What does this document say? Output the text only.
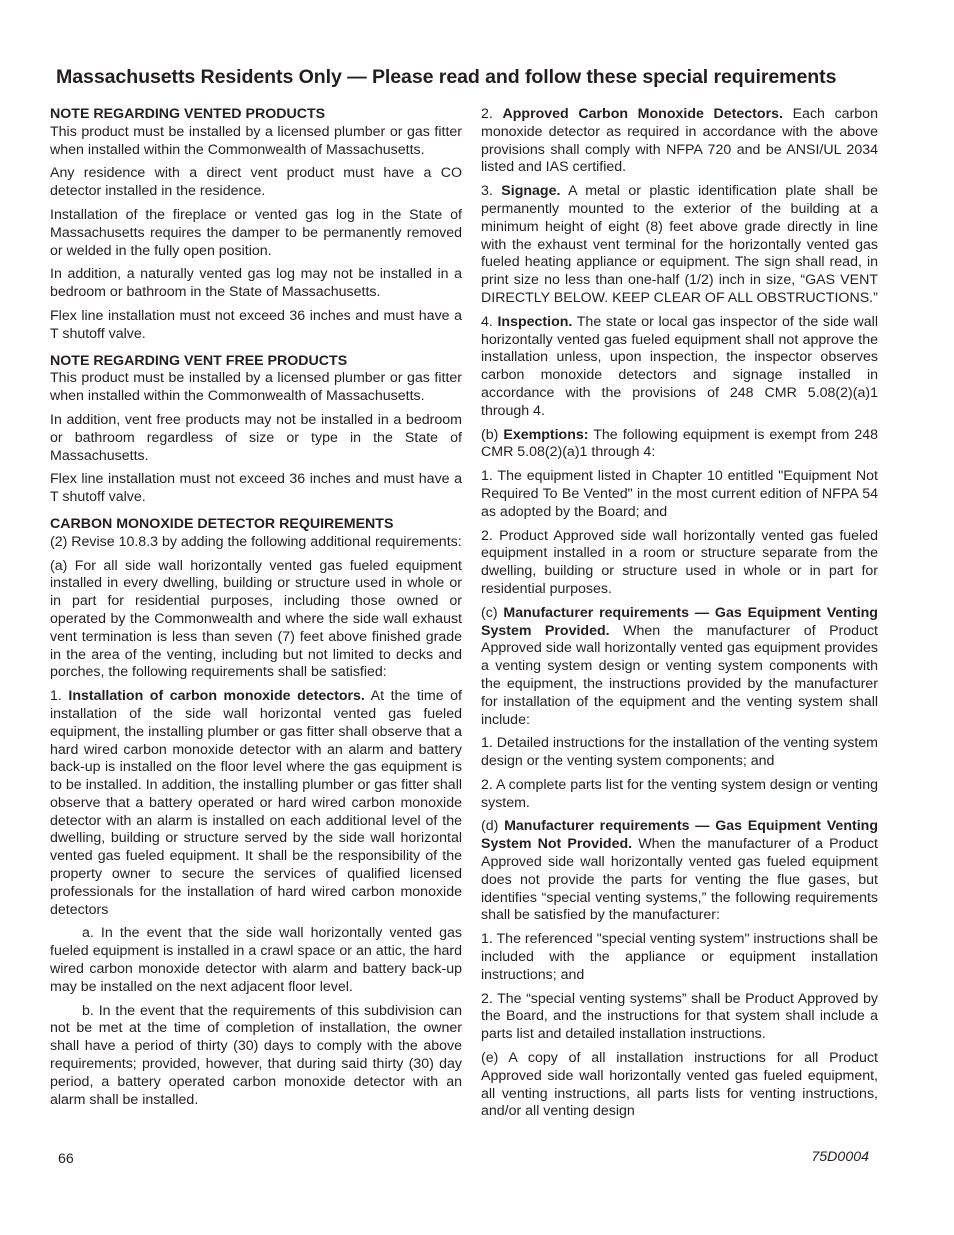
Massachusetts Residents Only — Please read and follow these special requirements
NOTE REGARDING VENTED PRODUCTS

This product must be installed by a licensed plumber or gas fitter when installed within the Commonwealth of Massachusetts.

Any residence with a direct vent product must have a CO detector installed in the residence.

Installation of the fireplace or vented gas log in the State of Massachusetts requires the damper to be permanently removed or welded in the fully open position.

In addition, a naturally vented gas log may not be installed in a bedroom or bathroom in the State of Massachusetts.

Flex line installation must not exceed 36 inches and must have a T shutoff valve.

NOTE REGARDING VENT FREE PRODUCTS

This product must be installed by a licensed plumber or gas fitter when installed within the Commonwealth of Massachusetts.

In addition, vent free products may not be installed in a bedroom or bathroom regardless of size or type in the State of Massachusetts.

Flex line installation must not exceed 36 inches and must have a T shutoff valve.

CARBON MONOXIDE DETECTOR REQUIREMENTS

(2) Revise 10.8.3 by adding the following additional requirements:

(a) For all side wall horizontally vented gas fueled equipment installed in every dwelling, building or structure used in whole or in part for residential purposes, including those owned or operated by the Commonwealth and where the side wall exhaust vent termination is less than seven (7) feet above finished grade in the area of the venting, including but not limited to decks and porches, the following requirements shall be satisfied:

1. Installation of carbon monoxide detectors. At the time of installation of the side wall horizontal vented gas fueled equipment, the installing plumber or gas fitter shall observe that a hard wired carbon monoxide detector with an alarm and battery back-up is installed on the floor level where the gas equipment is to be installed. In addition, the installing plumber or gas fitter shall observe that a battery operated or hard wired carbon monoxide detector with an alarm is installed on each additional level of the dwelling, building or structure served by the side wall horizontal vented gas fueled equipment. It shall be the responsibility of the property owner to secure the services of qualified licensed professionals for the installation of hard wired carbon monoxide detectors

a. In the event that the side wall horizontally vented gas fueled equipment is installed in a crawl space or an attic, the hard wired carbon monoxide detector with alarm and battery back-up may be installed on the next adjacent floor level.

b. In the event that the requirements of this subdivision can not be met at the time of completion of installation, the owner shall have a period of thirty (30) days to comply with the above requirements; provided, however, that during said thirty (30) day period, a battery operated carbon monoxide detector with an alarm shall be installed.

2. Approved Carbon Monoxide Detectors. Each carbon monoxide detector as required in accordance with the above provisions shall comply with NFPA 720 and be ANSI/UL 2034 listed and IAS certified.

3. Signage. A metal or plastic identification plate shall be permanently mounted to the exterior of the building at a minimum height of eight (8) feet above grade directly in line with the exhaust vent terminal for the horizontally vented gas fueled heating appliance or equipment. The sign shall read, in print size no less than one-half (1/2) inch in size, “GAS VENT DIRECTLY BELOW. KEEP CLEAR OF ALL OBSTRUCTIONS.”

4. Inspection. The state or local gas inspector of the side wall horizontally vented gas fueled equipment shall not approve the installation unless, upon inspection, the inspector observes carbon monoxide detectors and signage installed in accordance with the provisions of 248 CMR 5.08(2)(a)1 through 4.

(b) Exemptions: The following equipment is exempt from 248 CMR 5.08(2)(a)1 through 4:

1. The equipment listed in Chapter 10 entitled "Equipment Not Required To Be Vented" in the most current edition of NFPA 54 as adopted by the Board; and

2. Product Approved side wall horizontally vented gas fueled equipment installed in a room or structure separate from the dwelling, building or structure used in whole or in part for residential purposes.

(c) Manufacturer requirements — Gas Equipment Venting System Provided. When the manufacturer of Product Approved side wall horizontally vented gas equipment provides a venting system design or venting system components with the equipment, the instructions provided by the manufacturer for installation of the equipment and the venting system shall include:

1. Detailed instructions for the installation of the venting system design or the venting system components; and

2. A complete parts list for the venting system design or venting system.

(d) Manufacturer requirements — Gas Equipment Venting System Not Provided. When the manufacturer of a Product Approved side wall horizontally vented gas fueled equipment does not provide the parts for venting the flue gases, but identifies “special venting systems,” the following requirements shall be satisfied by the manufacturer:

1. The referenced "special venting system" instructions shall be included with the appliance or equipment installation instructions; and

2. The “special venting systems” shall be Product Approved by the Board, and the instructions for that system shall include a parts list and detailed installation instructions.

(e) A copy of all installation instructions for all Product Approved side wall horizontally vented gas fueled equipment, all venting instructions, all parts lists for venting instructions, and/or all venting design

66	75D0004
